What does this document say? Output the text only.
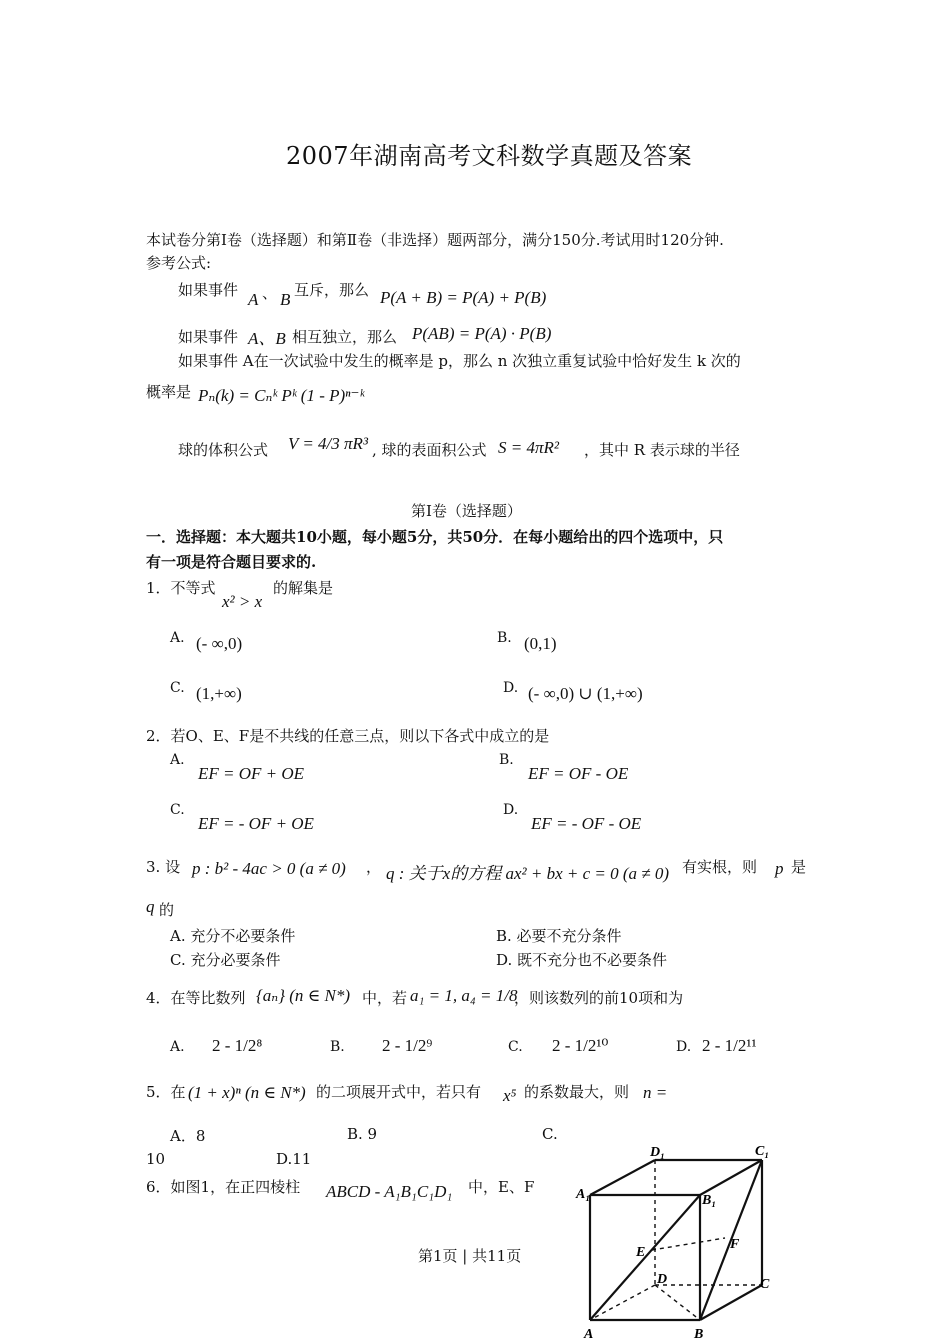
2007年湖南高考文科数学真题及答案
本试卷分第Ⅰ卷（选择题）和第Ⅱ卷（非选择）题两部分，满分150分.考试用时120分钟.
参考公式:
如果事件 A 、 B 互斥，那么 P(A + B) = P(A) + P(B)
如果事件 A、B 相互独立，那么 P(AB) = P(A) · P(B)
如果事件 A在一次试验中发生的概率是 p，那么 n 次独立重复试验中恰好发生 k 次的
概率是 Pₙ(k) = Cₙᵏ Pᵏ (1 - P)ⁿ⁻ᵏ
球的体积公式 V = 4/3 πR³ , 球的表面积公式 S = 4πR² ，其中 R 表示球的半径
第Ⅰ卷（选择题）
一．选择题：本大题共10小题，每小题5分，共50分．在每小题给出的四个选项中，只
有一项是符合题目要求的.
1．不等式
x² > x
的解集是
A. (- ∞,0)	B. (0,1)
C. (1,+∞)	D. (- ∞,0) ∪ (1,+∞)
2．若O、E、F是不共线的任意三点，则以下各式中成立的是
A.
EF = OF + OE
B.
EF = OF - OE
C.
EF = - OF + OE
D.
EF = - OF - OE
3. 设 p : b² - 4ac > 0 (a ≠ 0) ， q : 关于x的方程 ax² + bx + c = 0 (a ≠ 0) 有实根，则 p 是
q 的
A. 充分不必要条件	B. 必要不充分条件
C. 充分必要条件	D. 既不充分也不必要条件
4．在等比数列 {aₙ} (n ∈ N*) 中，若 a₁ = 1, a₄ = 1/8
，则该数列的前10项和为
A. 2 - 1/2⁸	B. 2 - 1/2⁹	C. 2 - 1/2¹⁰	D. 2 - 1/2¹¹
5．在 (1 + x)ⁿ (n ∈ N*) 的二项展开式中，若只有 x⁵ 的系数最大，则 n =
A．8	B. 9	C.
10	D.11
6．如图1，在正四棱柱 ABCD - A₁B₁C₁D₁ 中，E、F
第1页 | 共11页
D₁	C₁
A₁	B₁
E
F
D	C
A	B
